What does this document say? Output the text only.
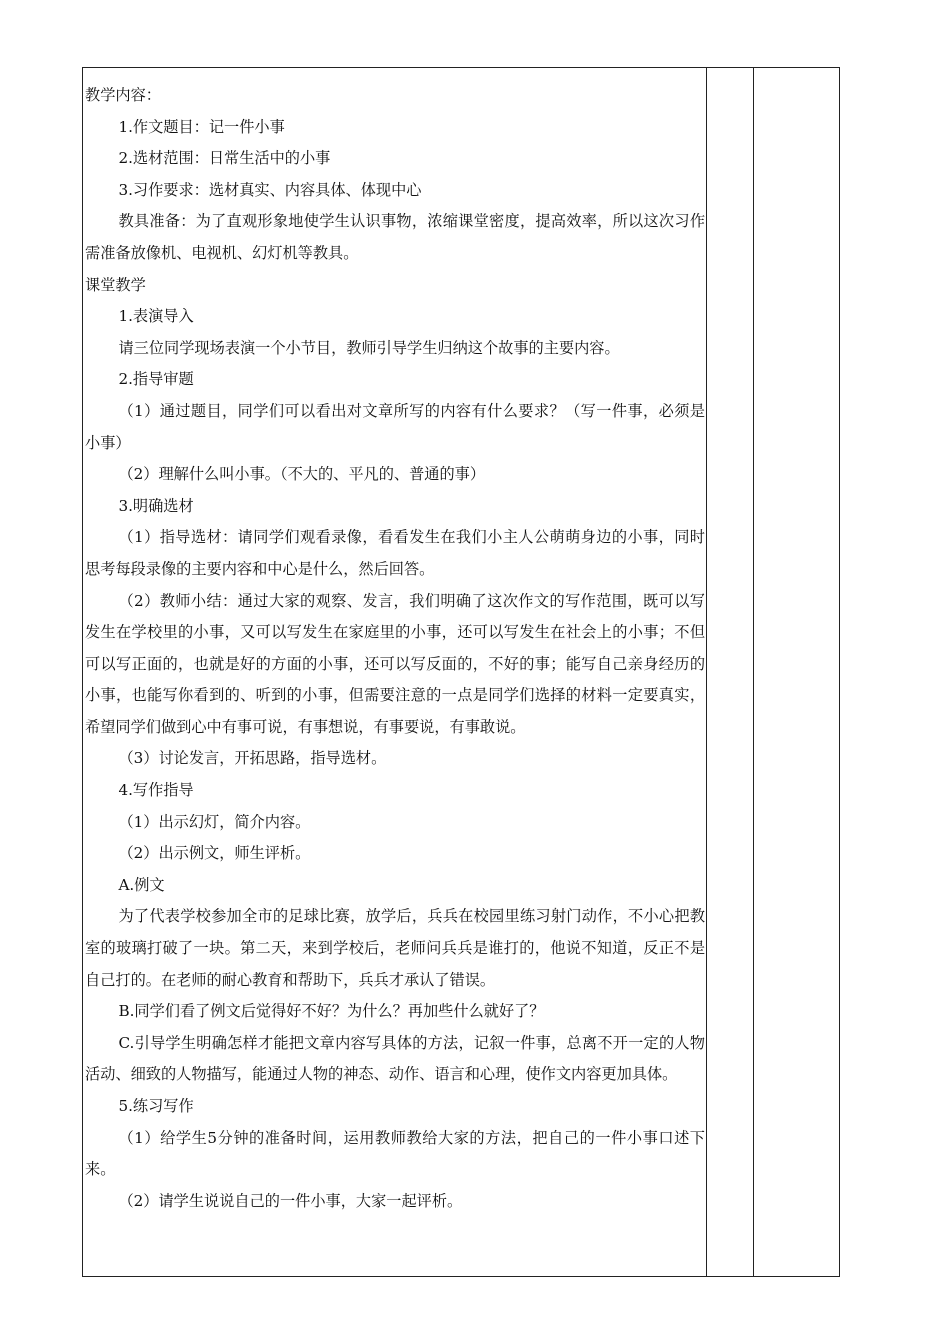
教学内容：

1.作文题目：记一件小事

2.选材范围：日常生活中的小事

3.习作要求：选材真实、内容具体、体现中心

教具准备：为了直观形象地使学生认识事物，浓缩课堂密度，提高效率，所以这次习作需准备放像机、电视机、幻灯机等教具。

课堂教学

1.表演导入

请三位同学现场表演一个小节目，教师引导学生归纳这个故事的主要内容。

2.指导审题

（1）通过题目，同学们可以看出对文章所写的内容有什么要求？（写一件事，必须是小事）

（2）理解什么叫小事。（不大的、平凡的、普通的事）

3.明确选材

（1）指导选材：请同学们观看录像，看看发生在我们小主人公萌萌身边的小事，同时思考每段录像的主要内容和中心是什么，然后回答。

（2）教师小结：通过大家的观察、发言，我们明确了这次作文的写作范围，既可以写发生在学校里的小事，又可以写发生在家庭里的小事，还可以写发生在社会上的小事；不但可以写正面的，也就是好的方面的小事，还可以写反面的，不好的事；能写自己亲身经历的小事，也能写你看到的、听到的小事，但需要注意的一点是同学们选择的材料一定要真实，希望同学们做到心中有事可说，有事想说，有事要说，有事敢说。

（3）讨论发言，开拓思路，指导选材。

4.写作指导

（1）出示幻灯，简介内容。

（2）出示例文，师生评析。

A.例文

为了代表学校参加全市的足球比赛，放学后，兵兵在校园里练习射门动作，不小心把教室的玻璃打破了一块。第二天，来到学校后，老师问兵兵是谁打的，他说不知道，反正不是自己打的。在老师的耐心教育和帮助下，兵兵才承认了错误。

B.同学们看了例文后觉得好不好？为什么？再加些什么就好了？

C.引导学生明确怎样才能把文章内容写具体的方法，记叙一件事，总离不开一定的人物活动、细致的人物描写，能通过人物的神态、动作、语言和心理，使作文内容更加具体。

5.练习写作

（1）给学生5分钟的准备时间，运用教师教给大家的方法，把自己的一件小事口述下来。

（2）请学生说说自己的一件小事，大家一起评析。
